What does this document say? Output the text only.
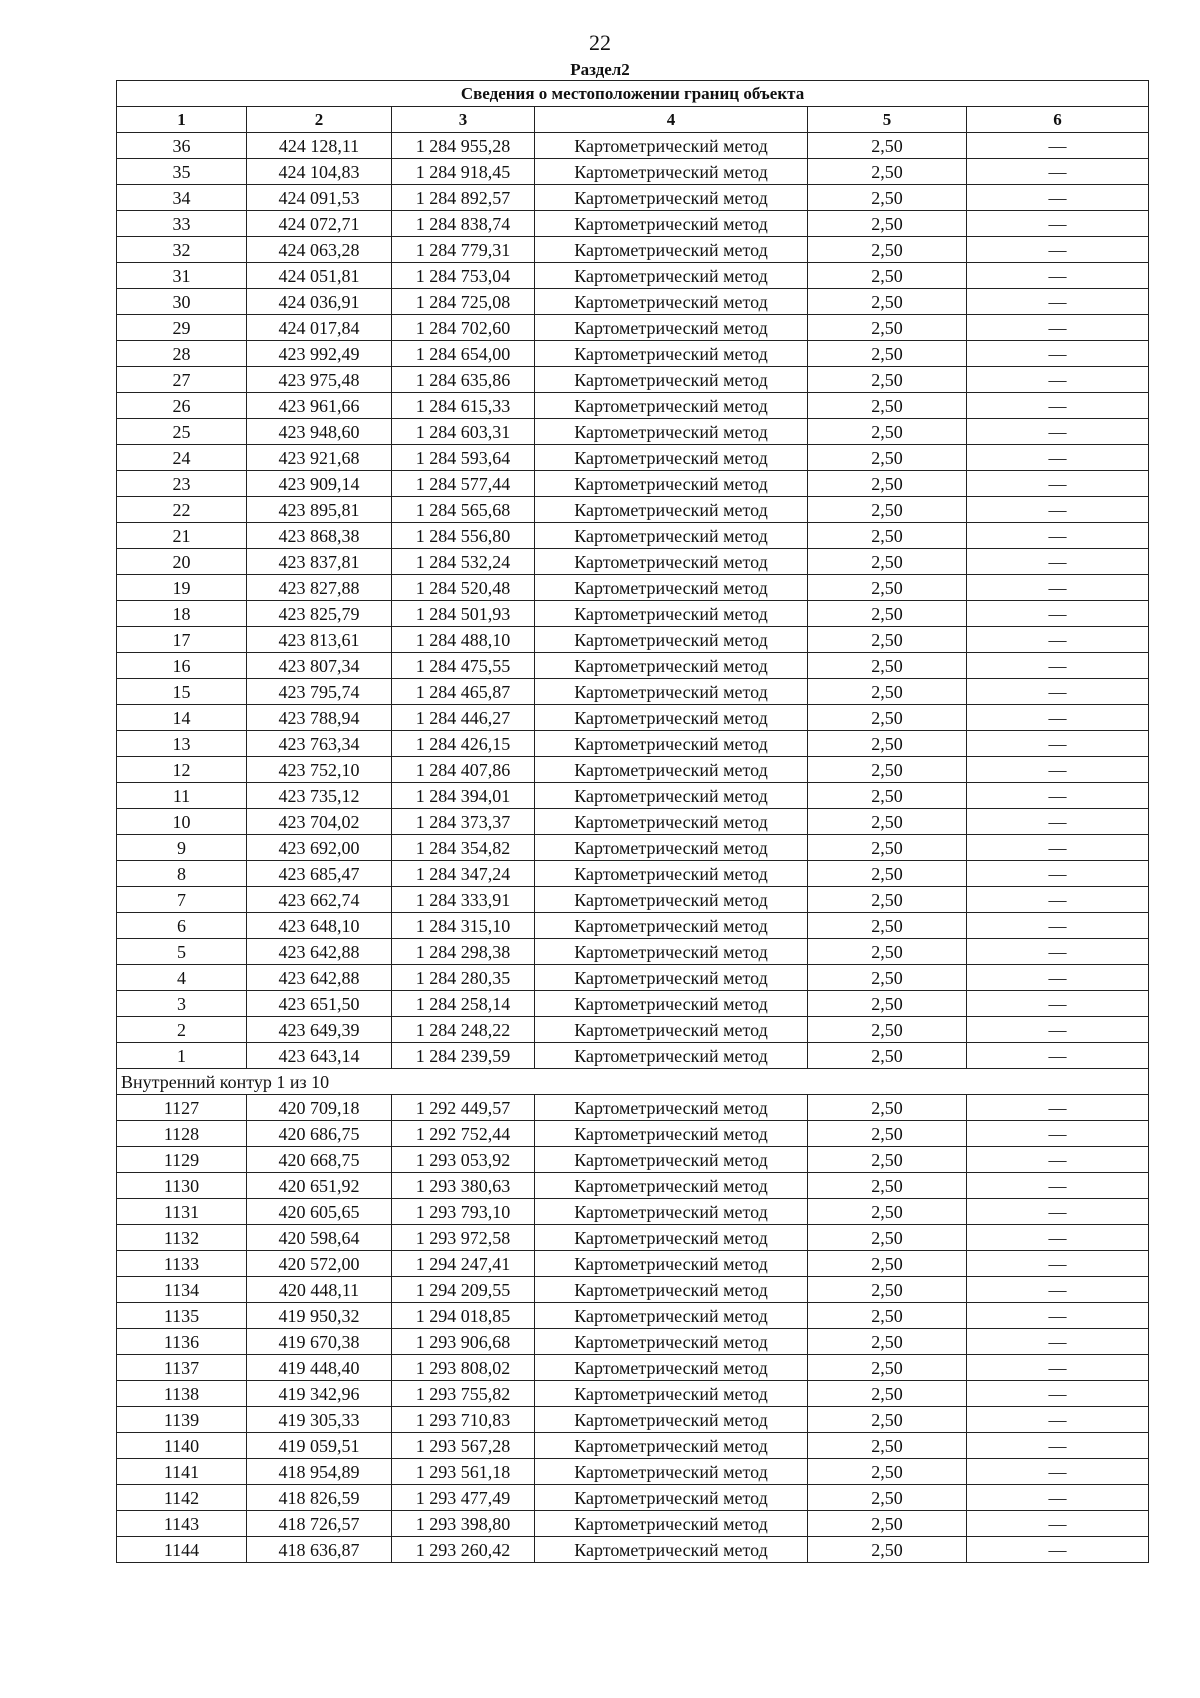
22
Раздел2
Сведения о местоположении границ объекта					
1	2	3	4	5	6
36	424 128,11	1 284 955,28	Картометрический метод	2,50	—
35	424 104,83	1 284 918,45	Картометрический метод	2,50	—
34	424 091,53	1 284 892,57	Картометрический метод	2,50	—
33	424 072,71	1 284 838,74	Картометрический метод	2,50	—
32	424 063,28	1 284 779,31	Картометрический метод	2,50	—
31	424 051,81	1 284 753,04	Картометрический метод	2,50	—
30	424 036,91	1 284 725,08	Картометрический метод	2,50	—
29	424 017,84	1 284 702,60	Картометрический метод	2,50	—
28	423 992,49	1 284 654,00	Картометрический метод	2,50	—
27	423 975,48	1 284 635,86	Картометрический метод	2,50	—
26	423 961,66	1 284 615,33	Картометрический метод	2,50	—
25	423 948,60	1 284 603,31	Картометрический метод	2,50	—
24	423 921,68	1 284 593,64	Картометрический метод	2,50	—
23	423 909,14	1 284 577,44	Картометрический метод	2,50	—
22	423 895,81	1 284 565,68	Картометрический метод	2,50	—
21	423 868,38	1 284 556,80	Картометрический метод	2,50	—
20	423 837,81	1 284 532,24	Картометрический метод	2,50	—
19	423 827,88	1 284 520,48	Картометрический метод	2,50	—
18	423 825,79	1 284 501,93	Картометрический метод	2,50	—
17	423 813,61	1 284 488,10	Картометрический метод	2,50	—
16	423 807,34	1 284 475,55	Картометрический метод	2,50	—
15	423 795,74	1 284 465,87	Картометрический метод	2,50	—
14	423 788,94	1 284 446,27	Картометрический метод	2,50	—
13	423 763,34	1 284 426,15	Картометрический метод	2,50	—
12	423 752,10	1 284 407,86	Картометрический метод	2,50	—
11	423 735,12	1 284 394,01	Картометрический метод	2,50	—
10	423 704,02	1 284 373,37	Картометрический метод	2,50	—
9	423 692,00	1 284 354,82	Картометрический метод	2,50	—
8	423 685,47	1 284 347,24	Картометрический метод	2,50	—
7	423 662,74	1 284 333,91	Картометрический метод	2,50	—
6	423 648,10	1 284 315,10	Картометрический метод	2,50	—
5	423 642,88	1 284 298,38	Картометрический метод	2,50	—
4	423 642,88	1 284 280,35	Картометрический метод	2,50	—
3	423 651,50	1 284 258,14	Картометрический метод	2,50	—
2	423 649,39	1 284 248,22	Картометрический метод	2,50	—
1	423 643,14	1 284 239,59	Картометрический метод	2,50	—
Внутренний контур 1 из 10					
1127	420 709,18	1 292 449,57	Картометрический метод	2,50	—
1128	420 686,75	1 292 752,44	Картометрический метод	2,50	—
1129	420 668,75	1 293 053,92	Картометрический метод	2,50	—
1130	420 651,92	1 293 380,63	Картометрический метод	2,50	—
1131	420 605,65	1 293 793,10	Картометрический метод	2,50	—
1132	420 598,64	1 293 972,58	Картометрический метод	2,50	—
1133	420 572,00	1 294 247,41	Картометрический метод	2,50	—
1134	420 448,11	1 294 209,55	Картометрический метод	2,50	—
1135	419 950,32	1 294 018,85	Картометрический метод	2,50	—
1136	419 670,38	1 293 906,68	Картометрический метод	2,50	—
1137	419 448,40	1 293 808,02	Картометрический метод	2,50	—
1138	419 342,96	1 293 755,82	Картометрический метод	2,50	—
1139	419 305,33	1 293 710,83	Картометрический метод	2,50	—
1140	419 059,51	1 293 567,28	Картометрический метод	2,50	—
1141	418 954,89	1 293 561,18	Картометрический метод	2,50	—
1142	418 826,59	1 293 477,49	Картометрический метод	2,50	—
1143	418 726,57	1 293 398,80	Картометрический метод	2,50	—
1144	418 636,87	1 293 260,42	Картометрический метод	2,50	—
